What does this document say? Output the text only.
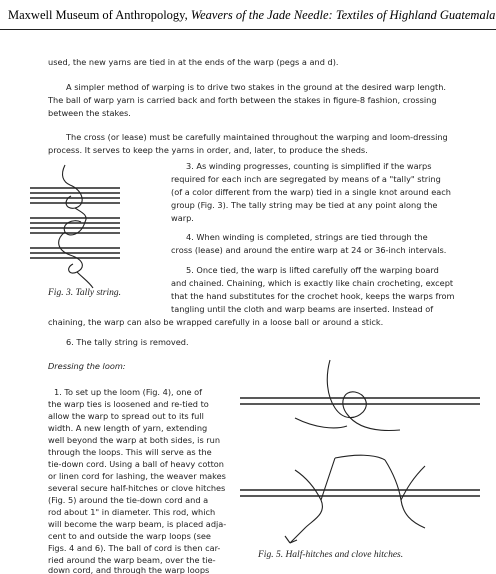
Maxwell Museum of Anthropology, Weavers of the Jade Needle: Textiles of Highland Guatemala
used, the new yarns are tied in at the ends of the warp (pegs a and d).
A simpler method of warping is to drive two stakes in the ground at the desired warp length.
The ball of warp yarn is carried back and forth between the stakes in figure-8 fashion, crossing
between the stakes.
The cross (or lease) must be carefully maintained throughout the warping and loom-dressing
process. It serves to keep the yarns in order, and, later, to produce the sheds.
3. As winding progresses, counting is simplified if the warps
required for each inch are segregated by means of a "tally" string
(of a color different from the warp) tied in a single knot around each
group (Fig. 3). The tally string may be tied at any point along the
warp.
4. When winding is completed, strings are tied through the
cross (lease) and around the entire warp at 24 or 36-inch intervals.
5. Once tied, the warp is lifted carefully off the warping board
and chained. Chaining, which is exactly like chain crocheting, except
Fig. 3. Tally string.	that the hand substitutes for the crochet hook, keeps the warps from
tangling until the cloth and warp beams are inserted. Instead of
chaining, the warp can also be wrapped carefully in a loose ball or around a stick.
6. The tally string is removed.
Dressing the loom:
1. To set up the loom (Fig. 4), one of
the warp ties is loosened and re-tied to
allow the warp to spread out to its full
width. A new length of yarn, extending
well beyond the warp at both sides, is run
through the loops. This will serve as the
tie-down cord. Using a ball of heavy cotton
or linen cord for lashing, the weaver makes
several secure half-hitches or clove hitches
(Fig. 5) around the tie-down cord and a
rod about 1" in diameter. This rod, which
will become the warp beam, is placed adja-
cent to and outside the warp loops (see
Figs. 4 and 6). The ball of cord is then car-
ried around the warp beam, over the tie-
down cord, and through the warp loops
Fig. 5. Half-hitches and clove hitches.
